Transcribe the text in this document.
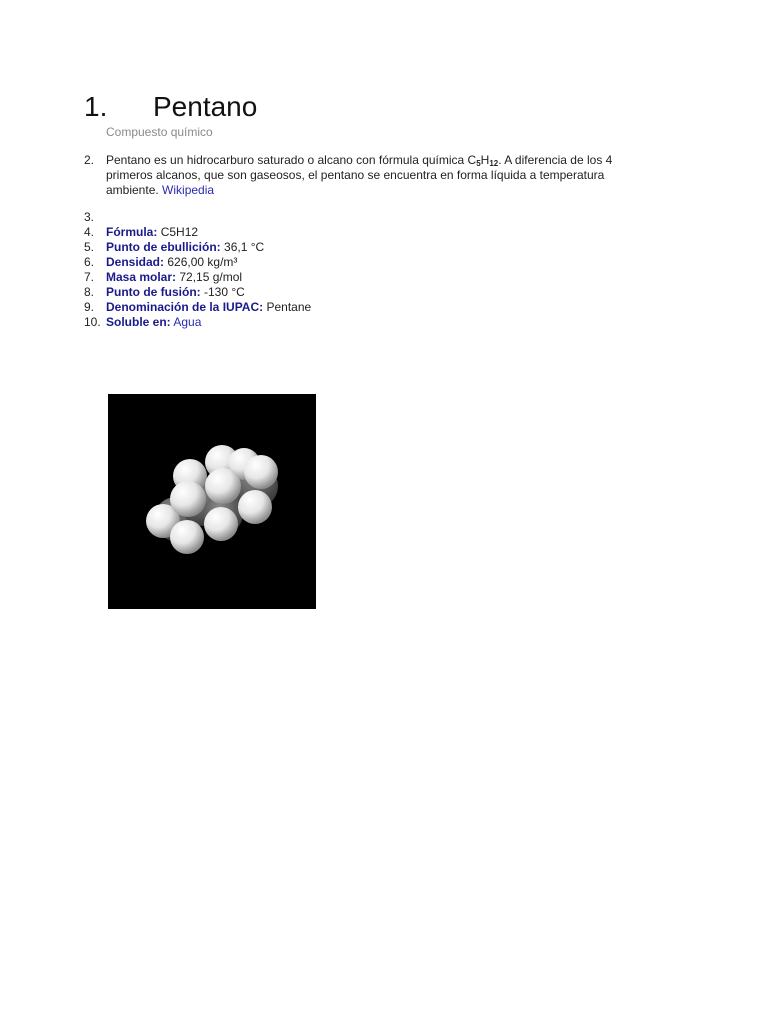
1. Pentano
Compuesto químico
2. Pentano es un hidrocarburo saturado o alcano con fórmula química $C_5H_{12}$. A diferencia de los 4 primeros alcanos, que son gaseosos, el pentano se encuentra en forma líquida a temperatura ambiente. Wikipedia
3.
4. Fórmula: C5H12
5. Punto de ebullición: 36,1 °C
6. Densidad: 626,00 kg/m³
7. Masa molar: 72,15 g/mol
8. Punto de fusión: -130 °C
9. Denominación de la IUPAC: Pentane
10. Soluble en: Agua
